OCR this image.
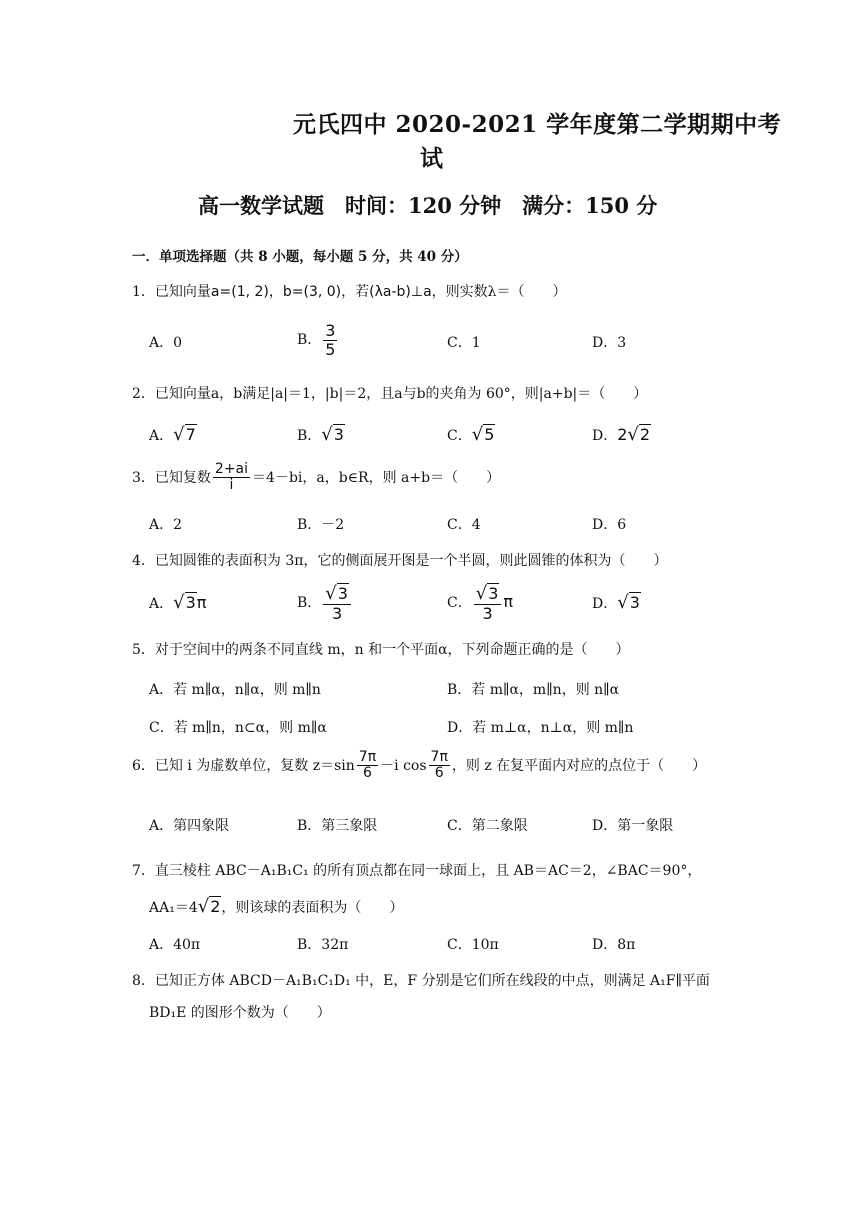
元氏四中 2020-2021 学年度第二学期期中考
试
高一数学试题　时间：120 分钟　满分：150 分
一．单项选择题（共 8 小题，每小题 5 分，共 40 分）
1．已知向量a=(1, 2)，b=(3, 0)，若(λa-b)⊥a，则实数λ＝（　　）
A．0	B． $\frac{3}{5}$	C．1	D．3
2．已知向量a，b满足|a|＝1，|b|＝2，且a与b的夹角为 60°，则|a+b|＝（　　）
A．√7	B．√3	C．√5	D．2√2
3．已知复数 $\frac{2+ai}{i} =4-bi$，a，b∈R，则 a+b＝（　　）
A．2	B．－2	C．4	D．6
4．已知圆锥的表面积为 3π，它的侧面展开图是一个半圆，则此圆锥的体积为（　　）
A．√3π	B． $\frac{√3}{3}$	C． $\frac{√3}{3}$ π	D．√3
5．对于空间中的两条不同直线 m，n 和一个平面α，下列命题正确的是（　　）
A．若 m∥α，n∥α，则 m∥n	B．若 m∥α，m∥n，则 n∥α
C．若 m∥n，n⊂α，则 m∥α	D．若 m⊥α，n⊥α，则 m∥n
6．已知 i 为虚数单位，复数 $z=\sin \frac{7\pi}{6} -i$ $\cos \frac{7\pi}{6}$ ，则 z 在复平面内对应的点位于（　　）
A．第四象限	B．第三象限	C．第二象限	D．第一象限
7．直三棱柱 ABC－A₁B₁C₁ 的所有顶点都在同一球面上，且 AB＝AC＝2，∠BAC＝90°，
AA₁＝4√2，则该球的表面积为（　　）
A．40π	B．32π	C．10π	D．8π
8．已知正方体 ABCD－A₁B₁C₁D₁ 中，E，F 分别是它们所在线段的中点，则满足 A₁F∥平面
BD₁E 的图形个数为（　　）
